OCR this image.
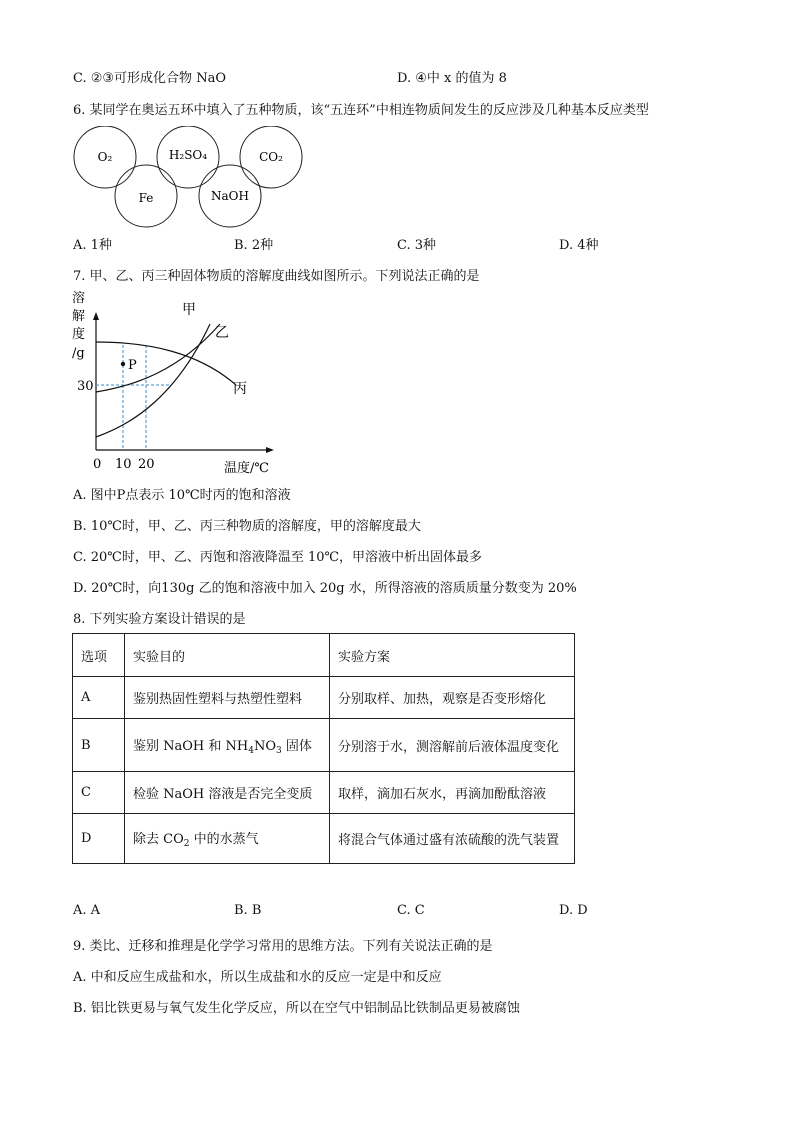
C. ②③可形成化合物 NaO	D. ④中 x 的值为 8
6. 某同学在奥运五环中填入了五种物质，该“五连环”中相连物质间发生的反应涉及几种基本反应类型
O₂	H₂SO₄	CO₂
Fe	NaOH
A. 1种	B. 2种	C. 3种	D. 4种
7. 甲、乙、丙三种固体物质的溶解度曲线如图所示。下列说法正确的是
P
溶
解
度
/g
30
0 10 20	温度/℃
甲
乙
丙
A. 图中P点表示 10℃时丙的饱和溶液
B. 10℃时，甲、乙、丙三种物质的溶解度，甲的溶解度最大
C. 20℃时，甲、乙、丙饱和溶液降温至 10℃，甲溶液中析出固体最多
D. 20℃时，向130g 乙的饱和溶液中加入 20g 水，所得溶液的溶质质量分数变为 20%
8. 下列实验方案设计错误的是
选项	实验目的	实验方案
A	鉴别热固性塑料与热塑性塑料	分别取样、加热，观察是否变形熔化
B	鉴别 NaOH 和 $NH_4NO_3$ 固体	分别溶于水，测溶解前后液体温度变化
C	检验 NaOH 溶液是否完全变质	取样，滴加石灰水，再滴加酚酞溶液
D	除去 $CO_2$ 中的水蒸气	将混合气体通过盛有浓硫酸的洗气装置
A. A	B. B	C. C	D. D
9. 类比、迁移和推理是化学学习常用的思维方法。下列有关说法正确的是
A. 中和反应生成盐和水，所以生成盐和水的反应一定是中和反应
B. 铝比铁更易与氧气发生化学反应，所以在空气中铝制品比铁制品更易被腐蚀
